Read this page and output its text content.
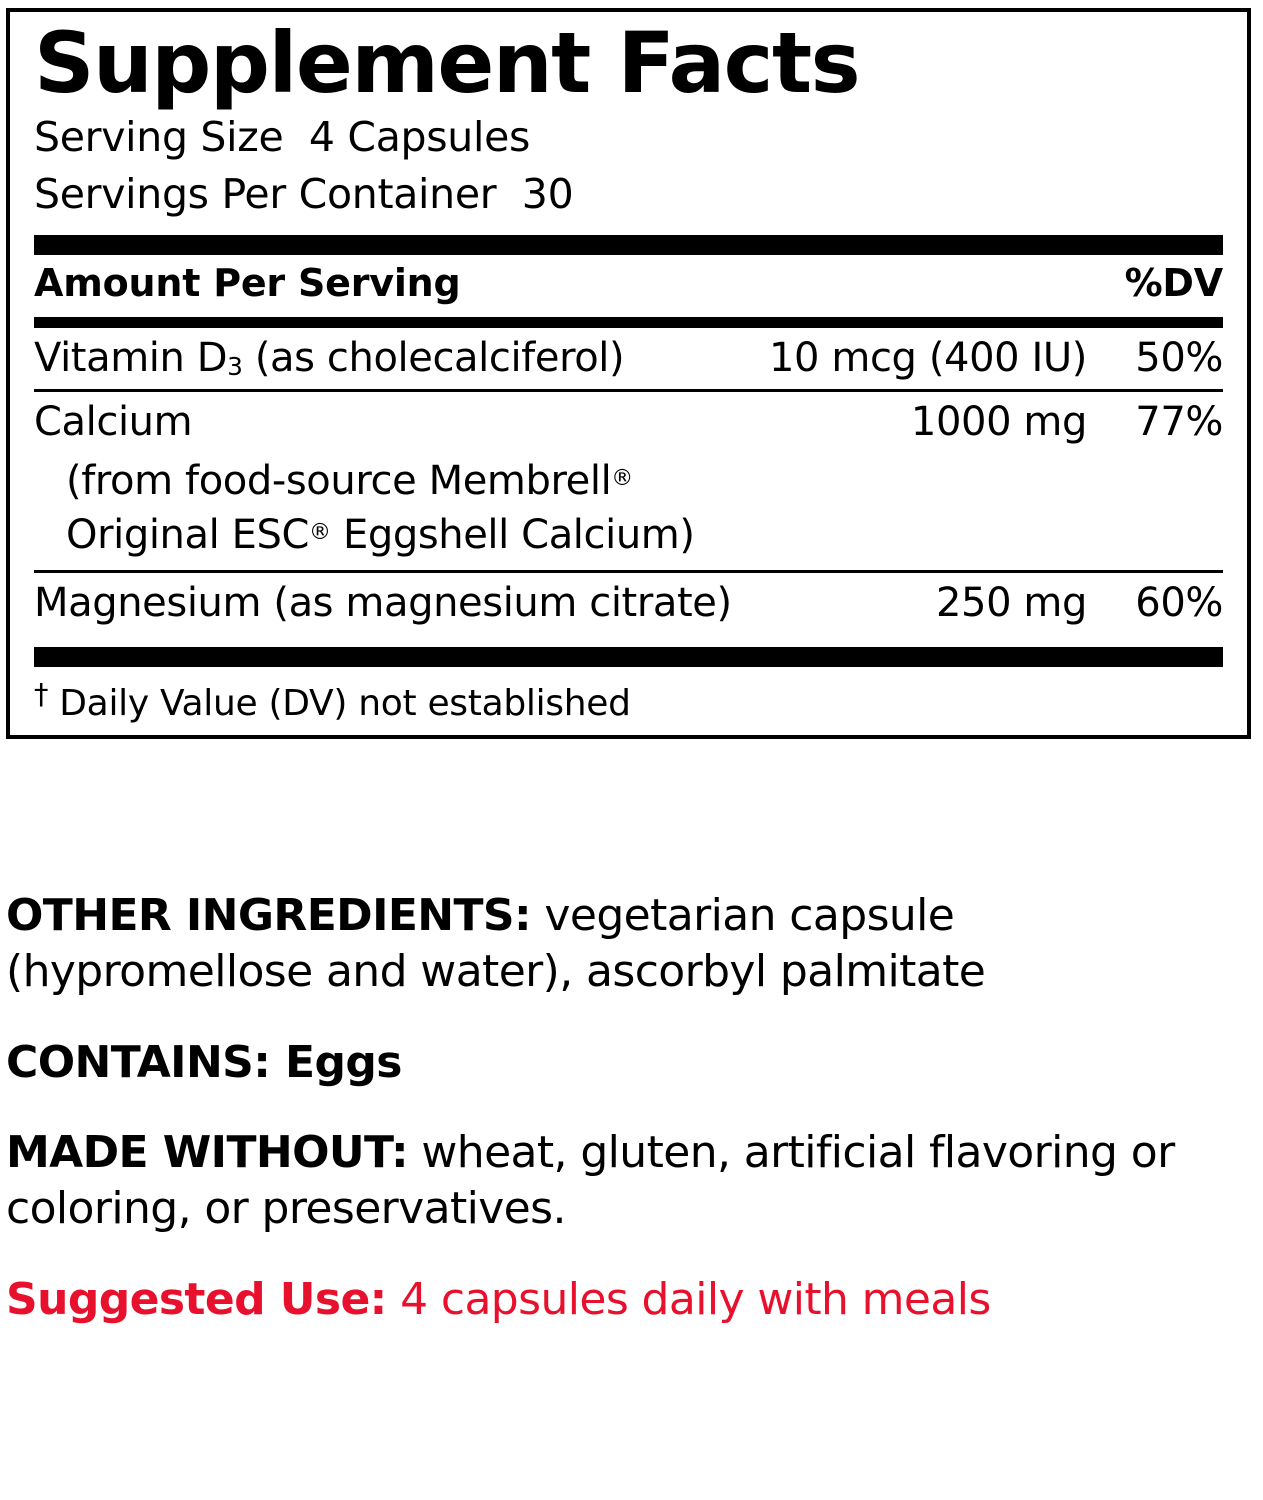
Supplement Facts
Serving Size 4 Capsules
Servings Per Container 30
Amount Per Serving	%DV
Vitamin $D_3$ (as cholecalciferol)	10 mcg (400 IU)	50%
Calcium	1000 mg	77%
(from food-source Membrell®
Original ESC® Eggshell Calcium)
Magnesium (as magnesium citrate)	250 mg	60%
† Daily Value (DV) not established

OTHER INGREDIENTS: vegetarian capsule (hypromellose and water), ascorbyl palmitate

CONTAINS: Eggs

MADE WITHOUT: wheat, gluten, artificial flavoring or coloring, or preservatives.

Suggested Use: 4 capsules daily with meals
